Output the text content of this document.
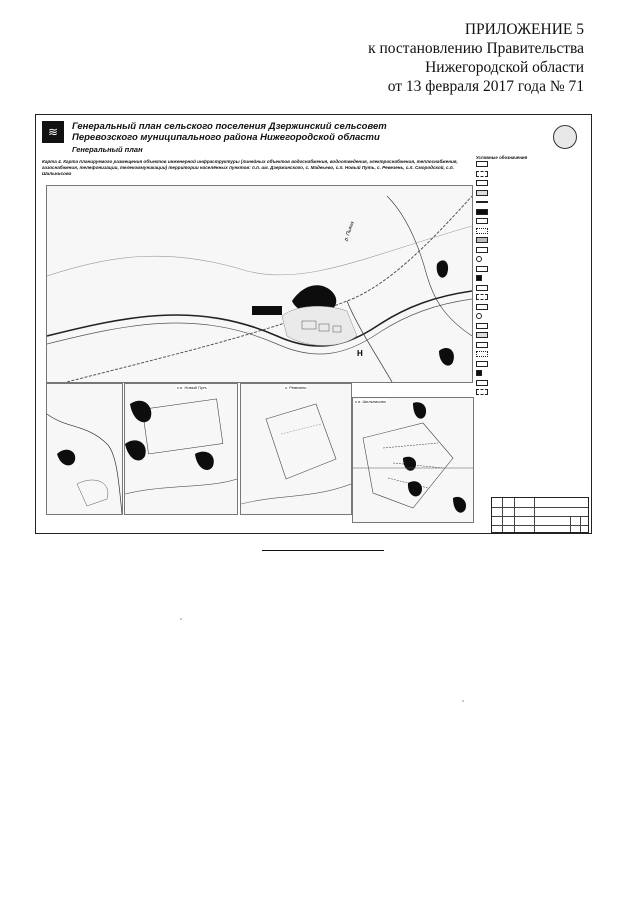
ПРИЛОЖЕНИЕ 5
к постановлению Правительства
Нижегородской области
от 13 февраля 2017 года № 71
≋	Генеральный план сельского поселения Дзержинский сельсовет
Перевозского муниципального района Нижегородской области
Генеральный план
Карта 4. Карта планируемого размещения объектов инженерной инфраструктуры (линейных объектов водоснабжения, водоотведения, электроснабжения, теплоснабжения, газоснабжения, телефонизации, телекоммуникации) территории населённых пунктов: п.п. им. Дзержинского, с. Мадеьево, с.п. Новый Путь, с. Ревезень, с.п. Смородской, с.п. Шильнисово
р. Пьяна
Н
с.п. Новый Путь	с. Ревезень
с.п. Шильнисово
Условные обозначения
